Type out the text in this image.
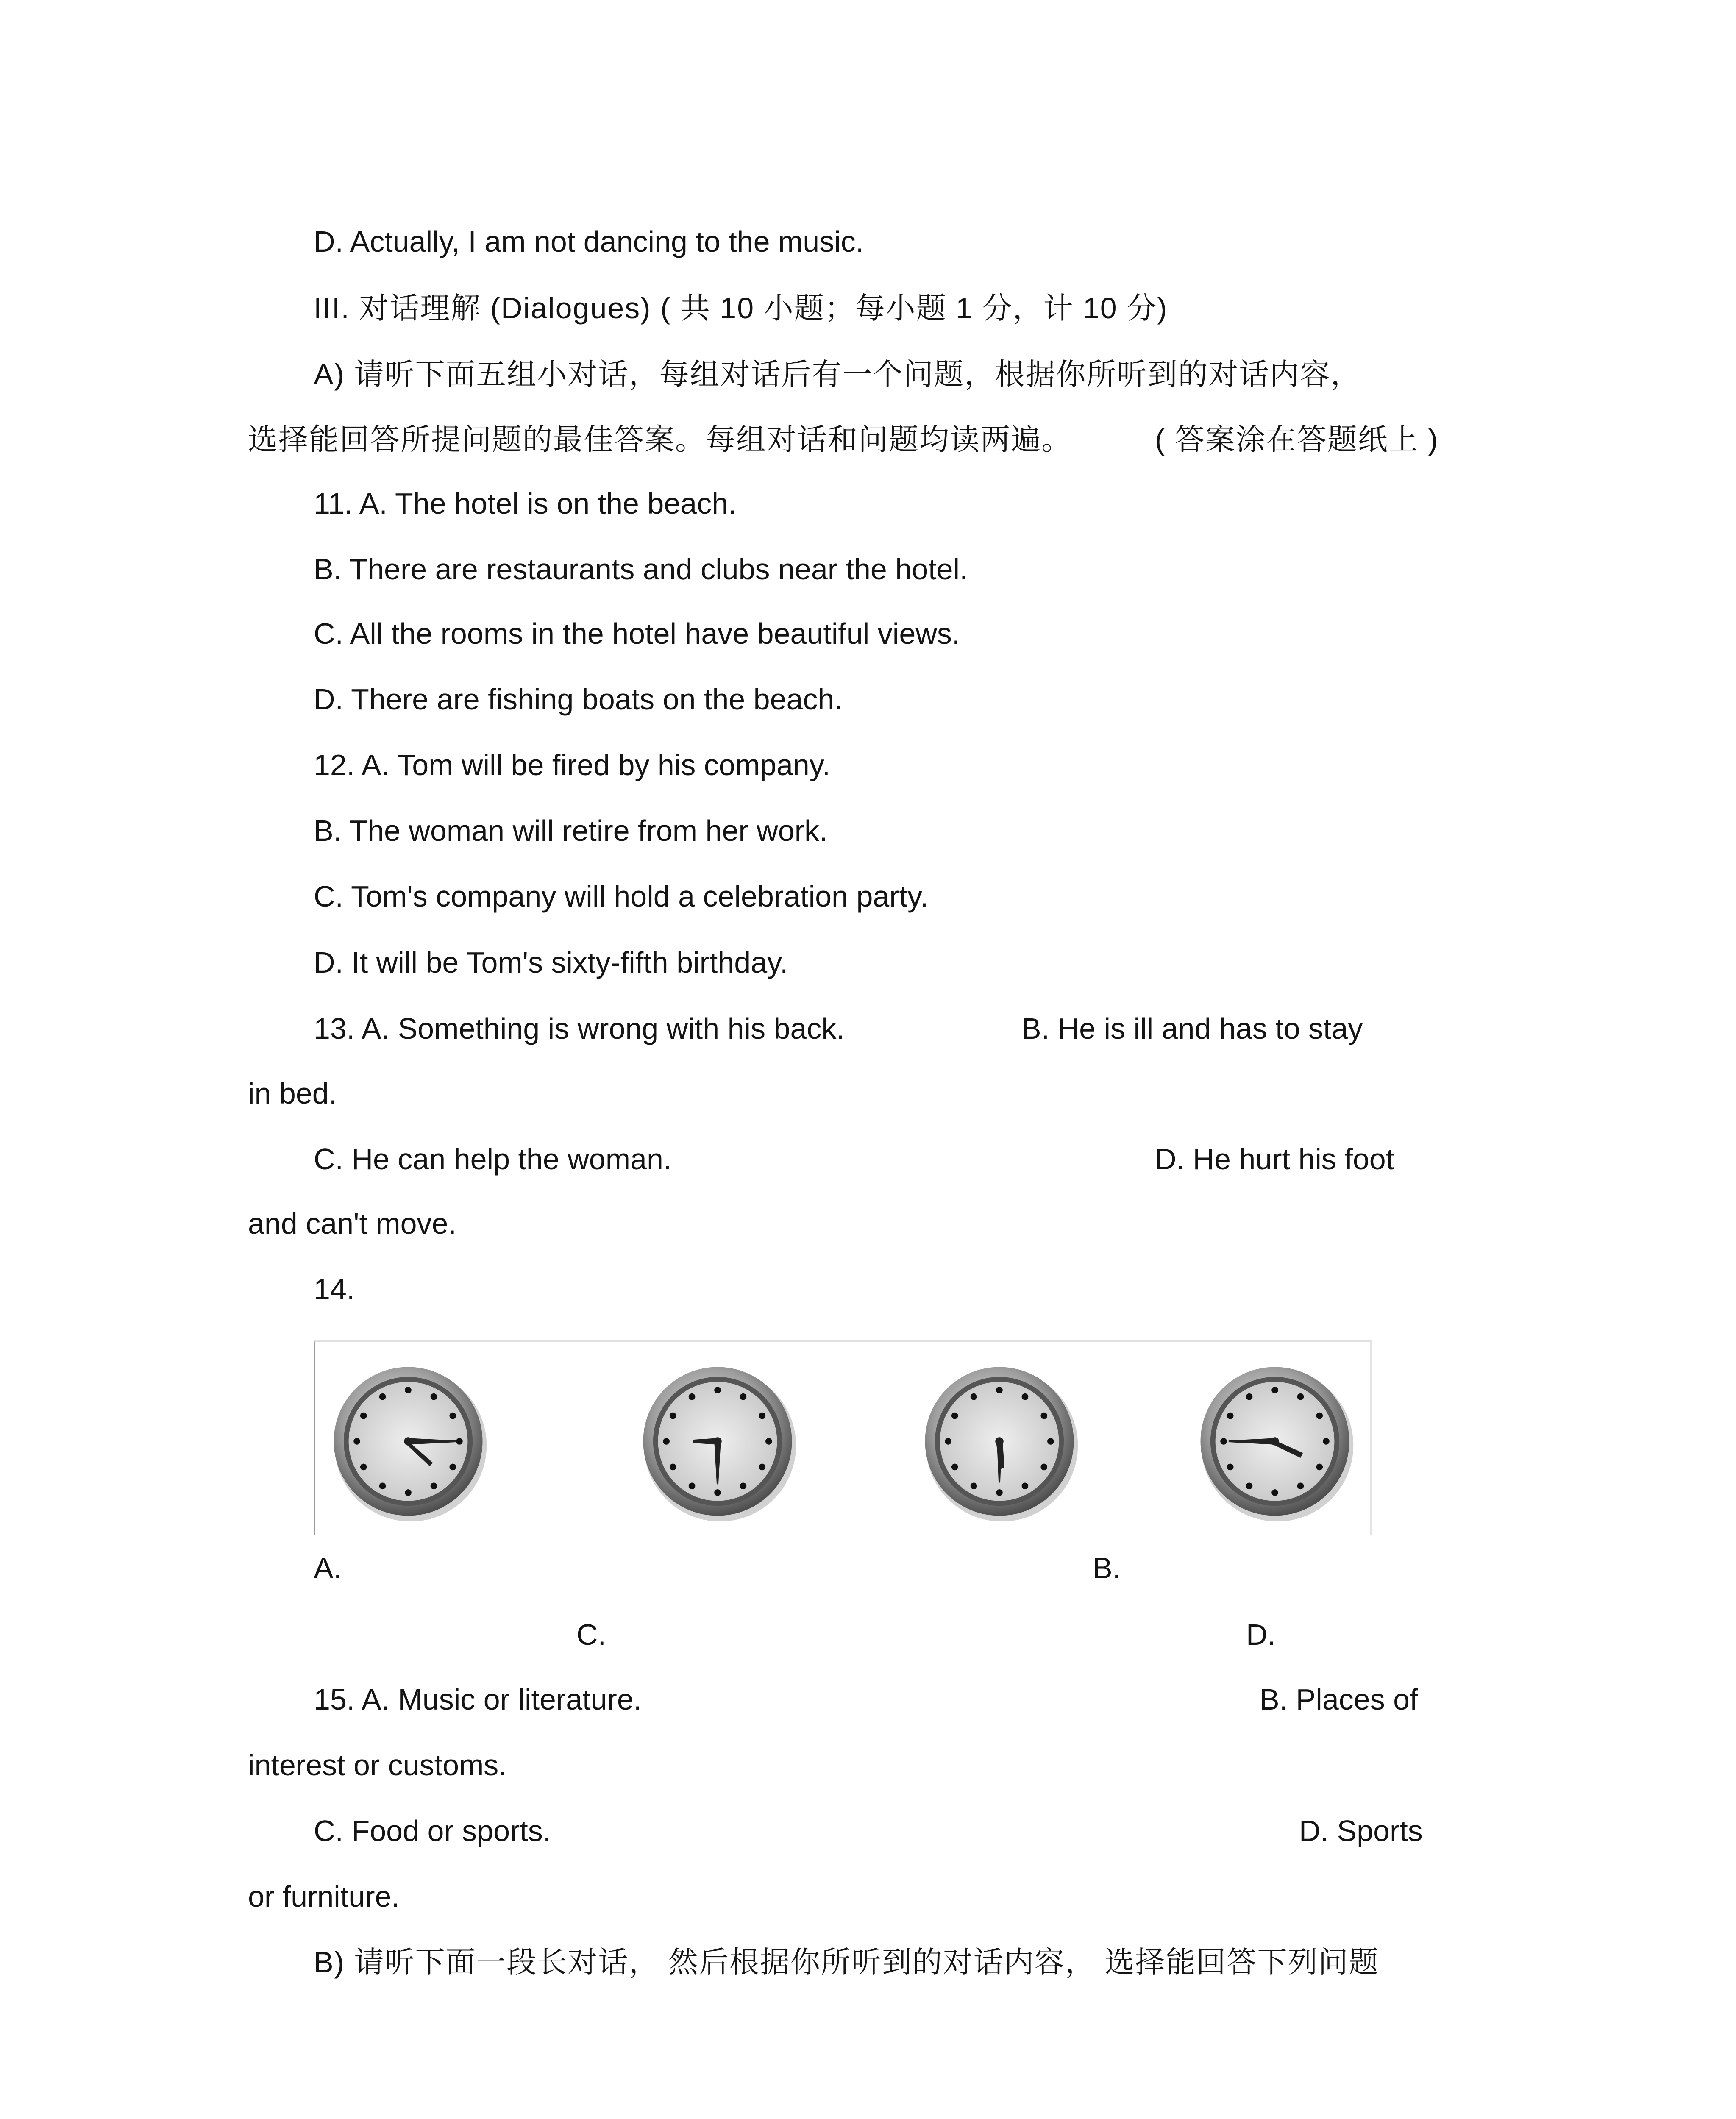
D. Actually, I am not dancing to the music.
III. 对话理解 (Dialogues) ( 共 10 小题；每小题 1 分，计 10 分)
A) 请听下面五组小对话，每组对话后有一个问题，根据你所听到的对话内容，
选择能回答所提问题的最佳答案。每组对话和问题均读两遍。	( 答案涂在答题纸上 )
11. A. The hotel is on the beach.
B. There are restaurants and clubs near the hotel.
C. All the rooms in the hotel have beautiful views.
D. There are fishing boats on the beach.
12. A. Tom will be fired by his company.
B. The woman will retire from her work.
C. Tom's company will hold a celebration party.
D. It will be Tom's sixty-fifth birthday.
13. A. Something is wrong with his back.	B. He is ill and has to stay
in bed.
C. He can help the woman.	D. He hurt his foot
and can't move.
14.
A.	B.
C.	D.
15. A. Music or literature.	B. Places of
interest or customs.
C. Food or sports.	D. Sports
or furniture.
B) 请听下面一段长对话， 然后根据你所听到的对话内容， 选择能回答下列问题
